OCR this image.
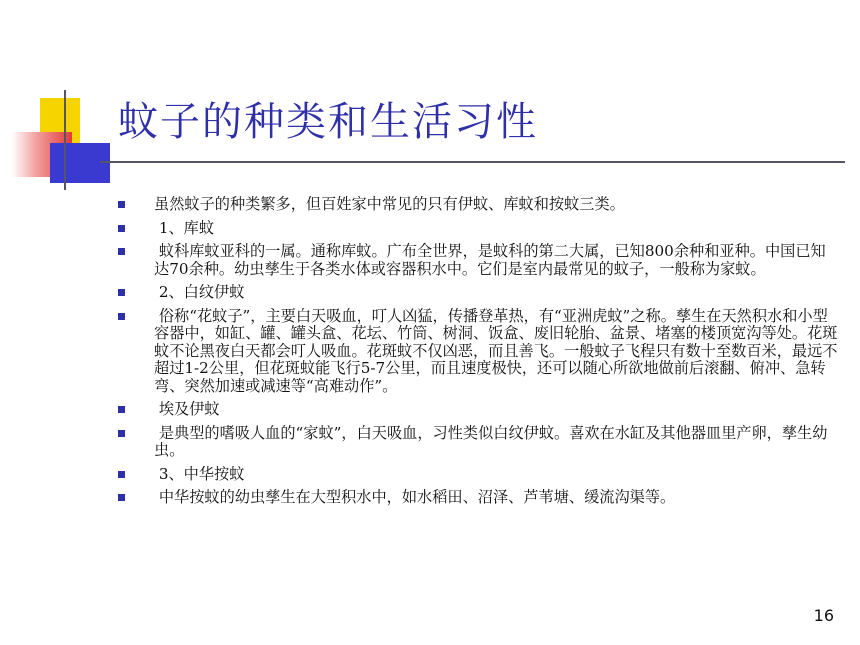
蚊子的种类和生活习性
虽然蚊子的种类繁多，但百姓家中常见的只有伊蚊、库蚊和按蚊三类。
1、库蚊
蚊科库蚊亚科的一属。通称库蚊。广布全世界，是蚊科的第二大属，已知800余种和亚种。中国已知达70余种。幼虫孳生于各类水体或容器积水中。它们是室内最常见的蚊子，一般称为家蚊。
2、白纹伊蚊
俗称“花蚊子”，主要白天吸血，叮人凶猛，传播登革热，有“亚洲虎蚊”之称。孳生在天然积水和小型容器中，如缸、罐、罐头盒、花坛、竹筒、树洞、饭盒、废旧轮胎、盆景、堵塞的楼顶宽沟等处。花斑蚊不论黑夜白天都会叮人吸血。花斑蚊不仅凶恶，而且善飞。一般蚊子飞程只有数十至数百米，最远不超过1-2公里，但花斑蚊能飞行5-7公里，而且速度极快，还可以随心所欲地做前后滚翻、俯冲、急转弯、突然加速或减速等“高难动作”。
埃及伊蚊
是典型的嗜吸人血的“家蚊”，白天吸血，习性类似白纹伊蚊。喜欢在水缸及其他器皿里产卵，孳生幼虫。
3、中华按蚊
中华按蚊的幼虫孳生在大型积水中，如水稻田、沼泽、芦苇塘、缓流沟渠等。
16
